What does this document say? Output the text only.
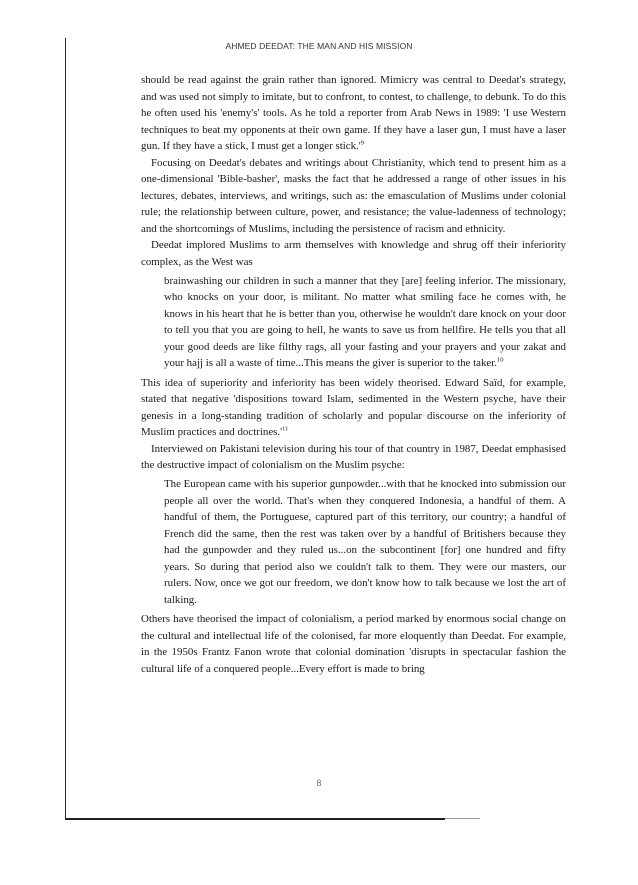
AHMED DEEDAT: THE MAN AND HIS MISSION

should be read against the grain rather than ignored. Mimicry was central to Deedat's strategy, and was used not simply to imitate, but to confront, to contest, to challenge, to debunk. To do this he often used his 'enemy's' tools. As he told a reporter from Arab News in 1989: 'I use Western techniques to beat my opponents at their own game. If they have a laser gun, I must have a laser gun. If they have a stick, I must get a longer $stick.'^9$

Focusing on Deedat's debates and writings about Christianity, which tend to present him as a one-dimensional 'Bible-basher', masks the fact that he addressed a range of other issues in his lectures, debates, interviews, and writings, such as: the emasculation of Muslims under colonial rule; the relationship between culture, power, and resistance; the value-ladenness of technology; and the shortcomings of Muslims, including the persistence of racism and ethnicity.

Deedat implored Muslims to arm themselves with knowledge and shrug off their inferiority complex, as the West was

brainwashing our children in such a manner that they [are] feeling inferior. The missionary, who knocks on your door, is militant. No matter what smiling face he comes with, he knows in his heart that he is better than you, otherwise he wouldn't dare knock on your door to tell you that you are going to hell, he wants to save us from hellfire. He tells you that all your good deeds are like filthy rags, all your fasting and your prayers and your zakat and your hajj is all a waste of time...This means the giver is superior to the taker.$^{10}$

This idea of superiority and inferiority has been widely theorised. Edward Saïd, for example, stated that negative 'dispositions toward Islam, sedimented in the Western psyche, have their genesis in a long-standing tradition of scholarly and popular discourse on the inferiority of Muslim practices and $doctrines.'^{11}$

Interviewed on Pakistani television during his tour of that country in 1987, Deedat emphasised the destructive impact of colonialism on the Muslim psyche:

The European came with his superior gunpowder...with that he knocked into submission our people all over the world. That's when they conquered Indonesia, a handful of them. A handful of them, the Portuguese, captured part of this territory, our country; a handful of French did the same, then the rest was taken over by a handful of Britishers because they had the gunpowder and they ruled us...on the subcontinent [for] one hundred and fifty years. So during that period also we couldn't talk to them. They were our masters, our rulers. Now, once we got our freedom, we don't know how to talk because we lost the art of talking.

Others have theorised the impact of colonialism, a period marked by enormous social change on the cultural and intellectual life of the colonised, far more eloquently than Deedat. For example, in the 1950s Frantz Fanon wrote that colonial domination 'disrupts in spectacular fashion the cultural life of a conquered people...Every effort is made to bring

8
